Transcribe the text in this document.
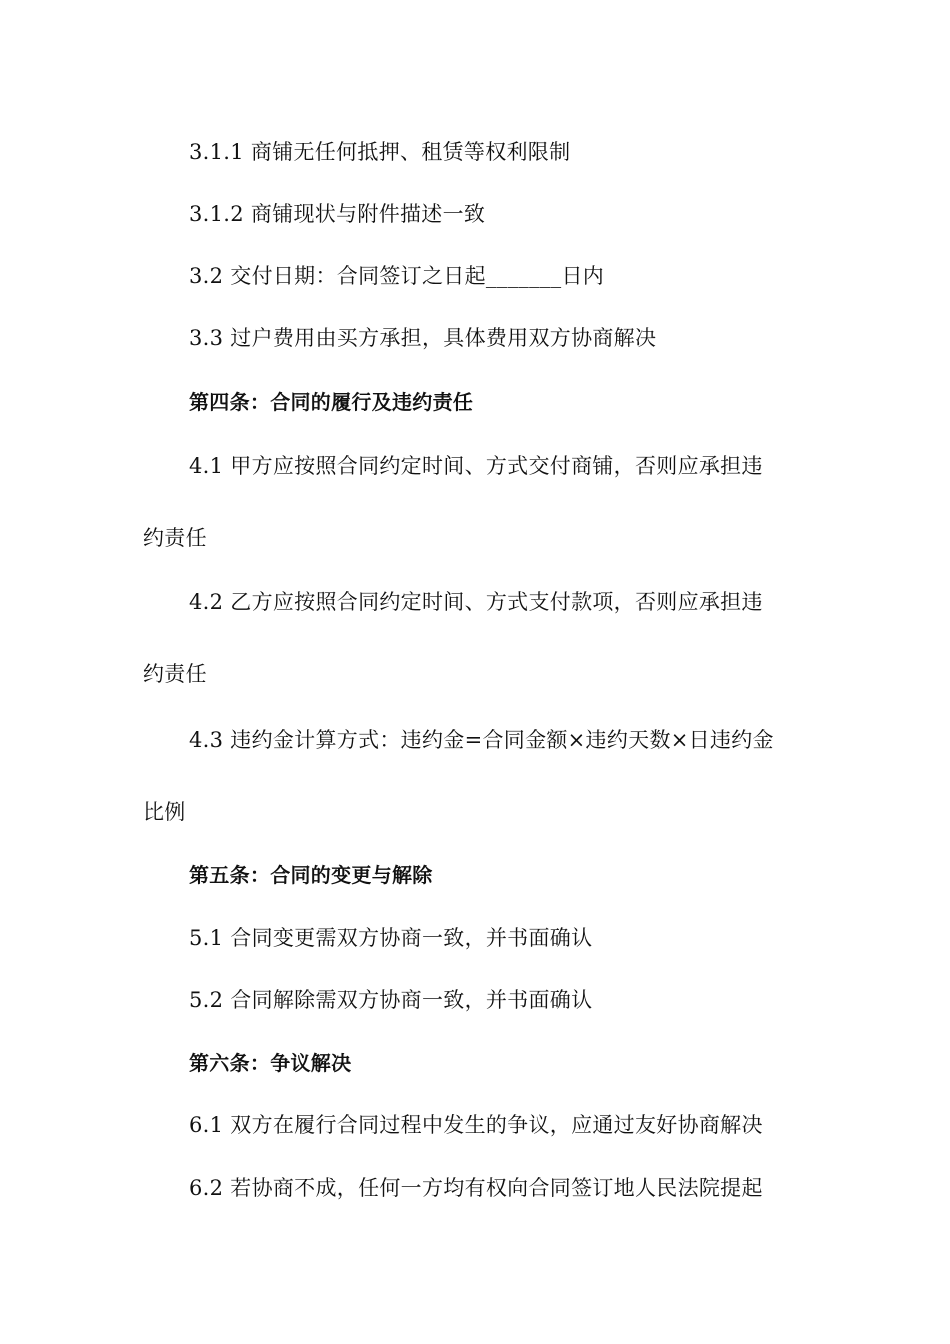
3.1.1 商铺无任何抵押、租赁等权利限制
3.1.2 商铺现状与附件描述一致
3.2 交付日期：合同签订之日起_______日内
3.3 过户费用由买方承担，具体费用双方协商解决
第四条：合同的履行及违约责任
4.1 甲方应按照合同约定时间、方式交付商铺，否则应承担违
约责任
4.2 乙方应按照合同约定时间、方式支付款项，否则应承担违
约责任
4.3 违约金计算方式：违约金=合同金额×违约天数×日违约金
比例
第五条：合同的变更与解除
5.1 合同变更需双方协商一致，并书面确认
5.2 合同解除需双方协商一致，并书面确认
第六条：争议解决
6.1 双方在履行合同过程中发生的争议，应通过友好协商解决
6.2 若协商不成，任何一方均有权向合同签订地人民法院提起
